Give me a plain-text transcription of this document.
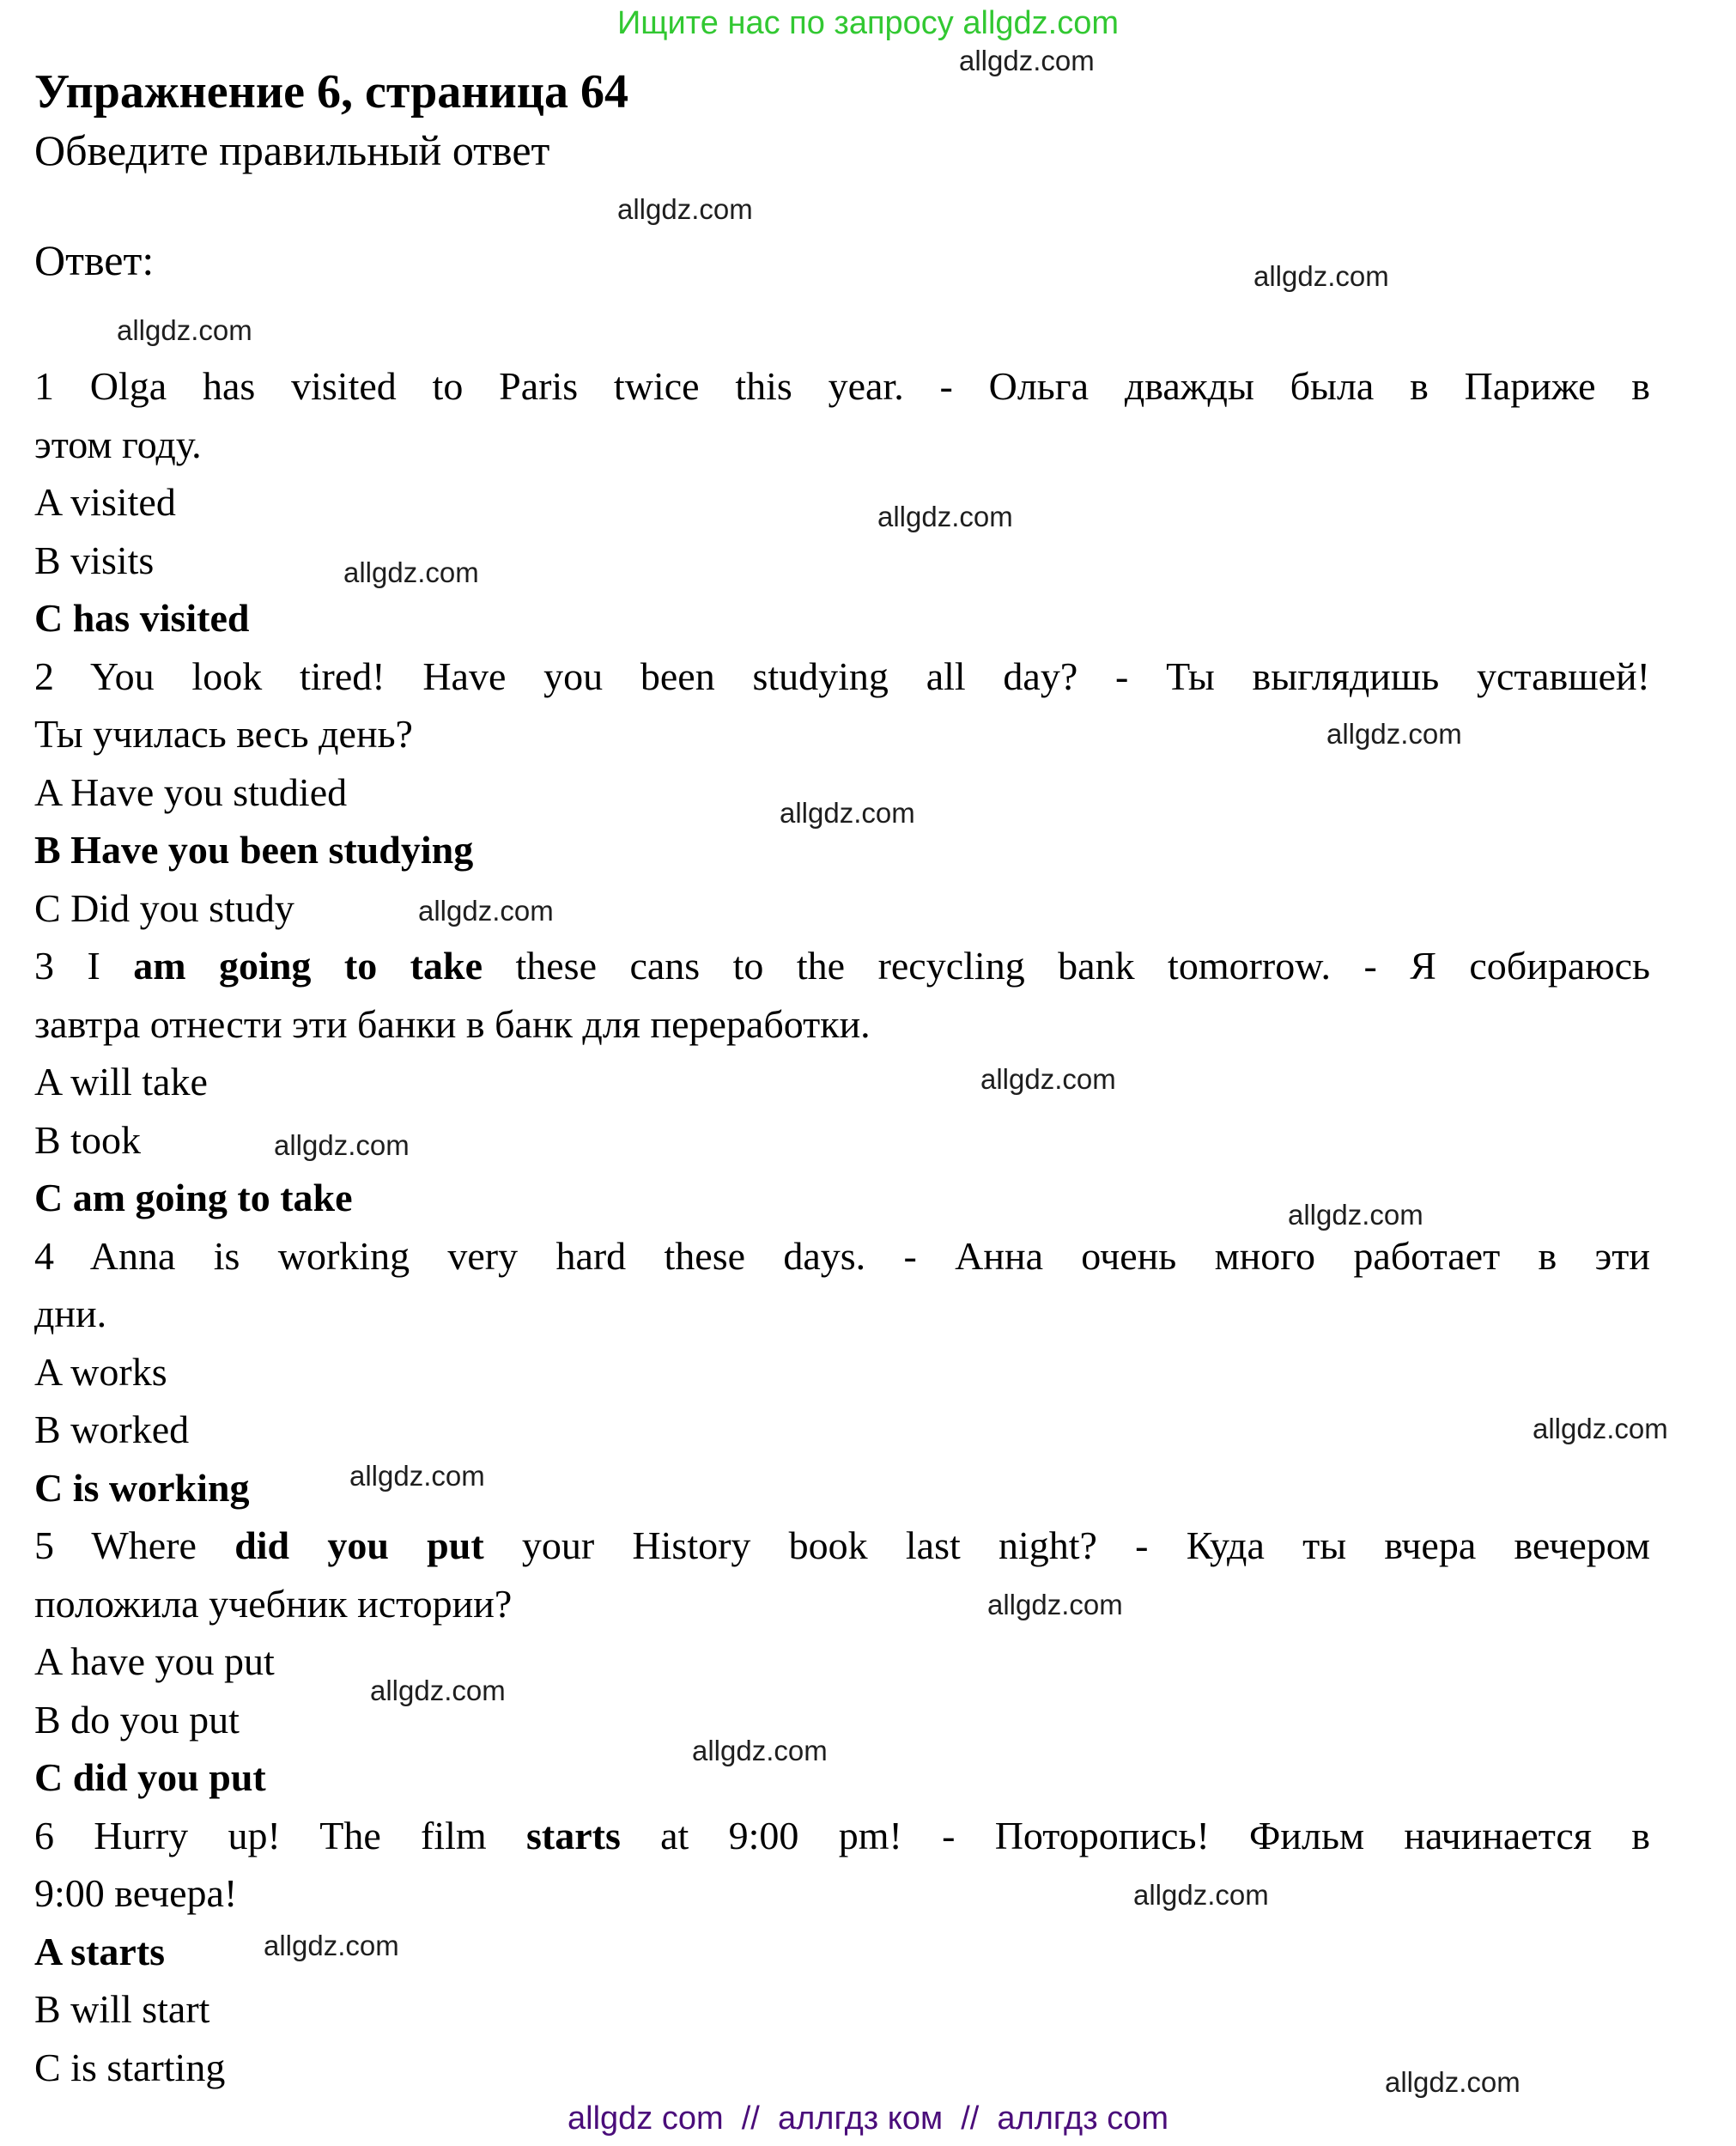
Ищите нас по запросу allgdz.com
Упражнение 6, страница 64
Обведите правильный ответ
Ответ:
1 Olga has visited to Paris twice this year. - Ольга дважды была в Париже в
этом году.
A visited
B visits
C has visited
2 You look tired! Have you been studying all day? - Ты выглядишь уставшей!
Ты училась весь день?
A Have you studied
B Have you been studying
C Did you study
3 I am going to take these cans to the recycling bank tomorrow. - Я собираюсь
завтра отнести эти банки в банк для переработки.
A will take
B took
C am going to take
4 Anna is working very hard these days. - Анна очень много работает в эти
дни.
A works
B worked
C is working
5 Where did you put your History book last night? - Куда ты вчера вечером
положила учебник истории?
A have you put
B do you put
C did you put
6 Hurry up! The film starts at 9:00 pm! - Поторопись! Фильм начинается в
9:00 вечера!
A starts
B will start
C is starting
allgdz.com
allgdz.com
allgdz.com
allgdz.com
allgdz.com
allgdz.com
allgdz.com
allgdz.com
allgdz.com
allgdz.com
allgdz.com
allgdz.com
allgdz.com
allgdz.com
allgdz.com
allgdz.com
allgdz.com
allgdz.com
allgdz.com
allgdz.com
allgdz com  //  аллгдз ком  //  аллгдз com
